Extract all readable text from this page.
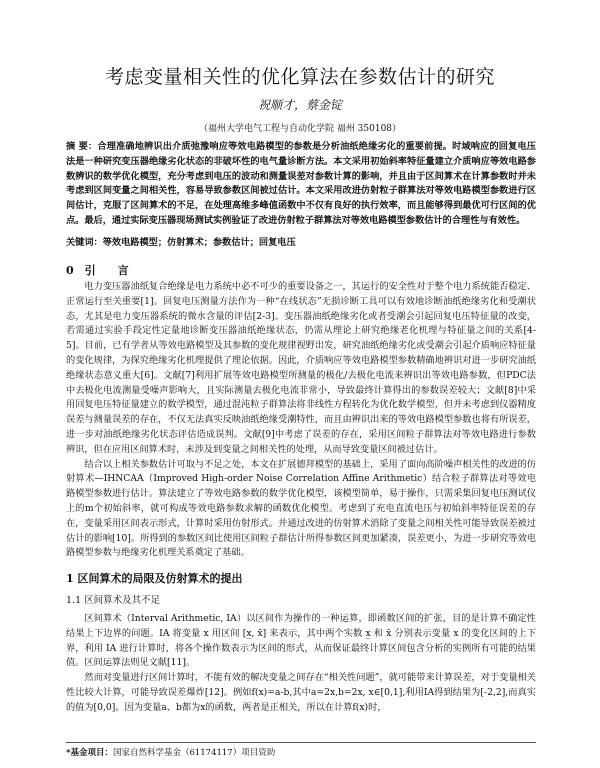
考虑变量相关性的优化算法在参数估计的研究
祝顺才，蔡金锭
（福州大学电气工程与自动化学院 福州 350108）
摘 要：合理准确地辨识出介质弛豫响应等效电路模型的参数是分析油纸绝缘劣化的重要前提。时域响应的回复电压法是一种研究变压器绝缘劣化状态的非破坏性的电气量诊断方法。本文采用初始斜率特征量建立介质响应等效电路参数辨识的数学优化模型，充分考虑到电压的波动和测量误差对参数计算的影响，并且由于区间算术在计算参数时并未考虑到区间变量之间相关性，容易导致参数区间被过估计。本文采用改进仿射粒子群算法对等效电路模型参数进行区间估计，克服了区间算术的不足，在处理高维多峰值函数中不仅有良好的执行效率，而且能够得到最优可行区间的优点。最后，通过实际变压器现场测试实例验证了改进仿射粒子群算法对等效电路模型参数估计的合理性与有效性。
关键词：等效电路模型；仿射算术；参数估计；回复电压
0　引　　言

电力变压器油纸复合绝缘是电力系统中必不可少的重要设备之一，其运行的安全性对于整个电力系统能否稳定、正常运行至关重要[1]。回复电压测量方法作为一种“在线状态”无损诊断工具可以有效地诊断油纸绝缘劣化和受潮状态，尤其是电力变压器系统的微水含量的评估[2-3]。变压器油纸绝缘劣化或者受潮会引起回复电压特征量的改变，若需通过实验手段定性定量地诊断变压器油纸绝缘状态，仍需从理论上研究绝缘老化机理与特征量之间的关系[4-5]。目前，已有学者从等效电路模型及其参数的变化规律视野出发，研究油纸绝缘劣化或受潮会引起介质响应特征量的变化规律，为探究绝缘劣化机理提供了理论依据。因此，介质响应等效电路模型参数精确地辨识对进一步研究油纸绝缘状态意义重大[6]。文献[7]利用扩展等效电路模型所测量的极化/去极化电流来辨识出等效电路参数，但PDC法中去极化电流测量受噪声影响大，且实际测量去极化电流非常小，导致最终计算得出的参数误差较大；文献[8]中采用回复电压特征量建立的数学模型，通过混沌粒子群算法将非线性方程转化为优化数学模型，但并未考虑到仪器精度误差与测量误差的存在，不仅无法真实反映油纸绝缘受潮特性，而且由辨识出来的等效电路模型参数也将有所误差，进一步对油纸绝缘劣化状态评估造成误判。文献[9]中考虑了误差的存在，采用区间粒子群算法对等效电路进行参数辨识，但在应用区间算术时，未涉及到变量之间相关性的处理，从而导致变量区间被过估计。

结合以上相关参数估计可取与不足之处，本文在扩展德拜模型的基础上，采用了面向高阶噪声相关性的改进的仿射算术—IHNCAA（Improved High-order Noise Correlation Affine Arithmetic）结合粒子群算法对等效电路模型参数进行估计。算法建立了等效电路参数的数学优化模型，该模型简单，易于操作，只需采集回复电压测试仪上的m个初始斜率，就可构成等效电路参数求解的函数优化模型。考虑到了充电直流电压与初始斜率特征误差的存在，变量采用区间表示形式，计算时采用仿射形式。并通过改进的仿射算术消除了变量之间相关性可能导致误差被过估计的影响[10]。所得到的参数区间比使用区间粒子群估计所得参数区间更加紧凑，误差更小，为进一步研究等效电路模型参数与绝缘劣化机理关系奠定了基础。

1 区间算术的局限及仿射算术的提出
1.1 区间算术及其不足

区间算术（Interval Arithmetic, IA）以区间作为操作的一种运算，即函数区间的扩张，目的是计算不确定性结果上下边界的问题。IA 将变量 x 用区间 [x̲, x̄] 来表示，其中两个实数 x̲ 和 x̄ 分别表示变量 x 的变化区间的上下界，利用 IA 进行计算时，将各个操作数表示为区间的形式，从而保证最终计算区间包含分析的实例所有可能的结果值。区间运算法则见文献[11]。

然而对变量进行区间计算时，不能有效的解决变量之间存在“相关性问题”，就可能带来计算误差，对于变量相关性比较大计算，可能导致误差爆炸[12]。例如f(x)=a-b,其中a=2x,b=2x, x∈[0,1],利用IA得到结果为[-2,2],而真实的值为[0,0]。因为变量a、b都为x的函数，两者是正相关，所以在计算f(x)时，

*基金项目：国家自然科学基金（61174117）项目资助
